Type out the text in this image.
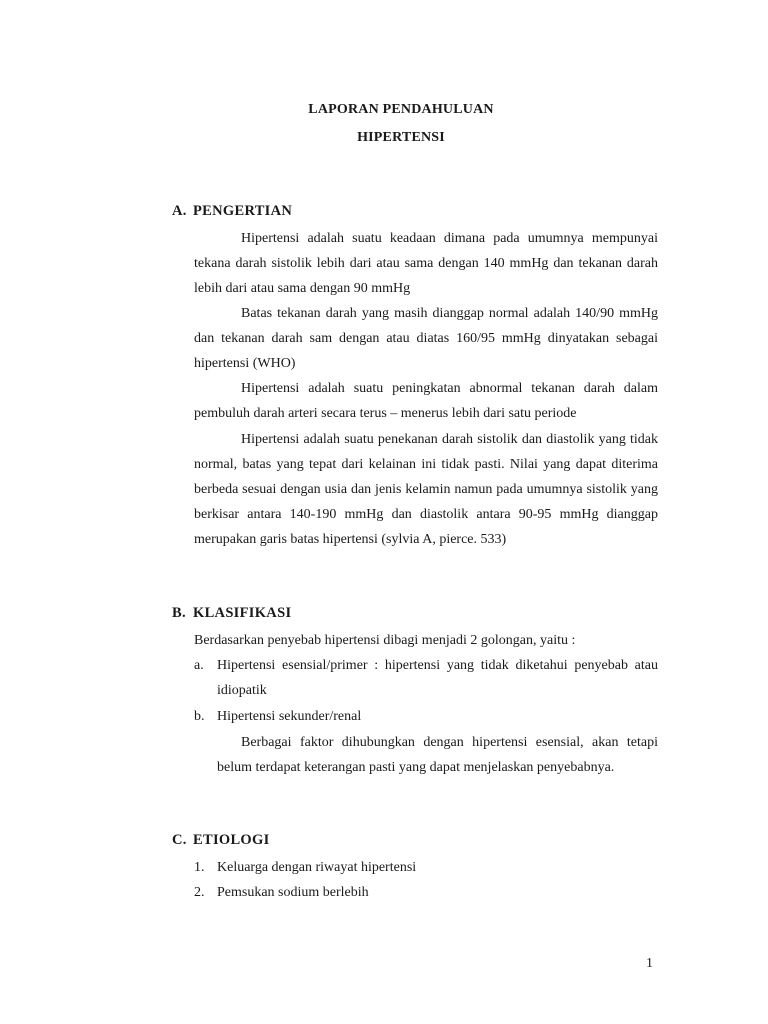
LAPORAN PENDAHULUAN
HIPERTENSI
A. PENGERTIAN

Hipertensi adalah suatu keadaan dimana pada umumnya mempunyai tekana darah sistolik lebih dari atau sama dengan 140 mmHg dan tekanan darah lebih dari atau sama dengan 90 mmHg

Batas tekanan darah yang masih dianggap normal adalah 140/90 mmHg dan tekanan darah sam dengan atau diatas 160/95 mmHg dinyatakan sebagai hipertensi (WHO)

Hipertensi adalah suatu peningkatan abnormal tekanan darah dalam pembuluh darah arteri secara terus – menerus lebih dari satu periode

Hipertensi adalah suatu penekanan darah sistolik dan diastolik yang tidak normal, batas yang tepat dari kelainan ini tidak pasti. Nilai yang dapat diterima berbeda sesuai dengan usia dan jenis kelamin namun pada umumnya sistolik yang berkisar antara 140-190 mmHg dan diastolik antara 90-95 mmHg dianggap merupakan garis batas hipertensi (sylvia A, pierce. 533)

B. KLASIFIKASI

Berdasarkan penyebab hipertensi dibagi menjadi 2 golongan, yaitu :

a. Hipertensi esensial/primer : hipertensi yang tidak diketahui penyebab atau idiopatik
b. Hipertensi sekunder/renal

Berbagai faktor dihubungkan dengan hipertensi esensial, akan tetapi belum terdapat keterangan pasti yang dapat menjelaskan penyebabnya.

C. ETIOLOGI
1. Keluarga dengan riwayat hipertensi
2. Pemsukan sodium berlebih
1
